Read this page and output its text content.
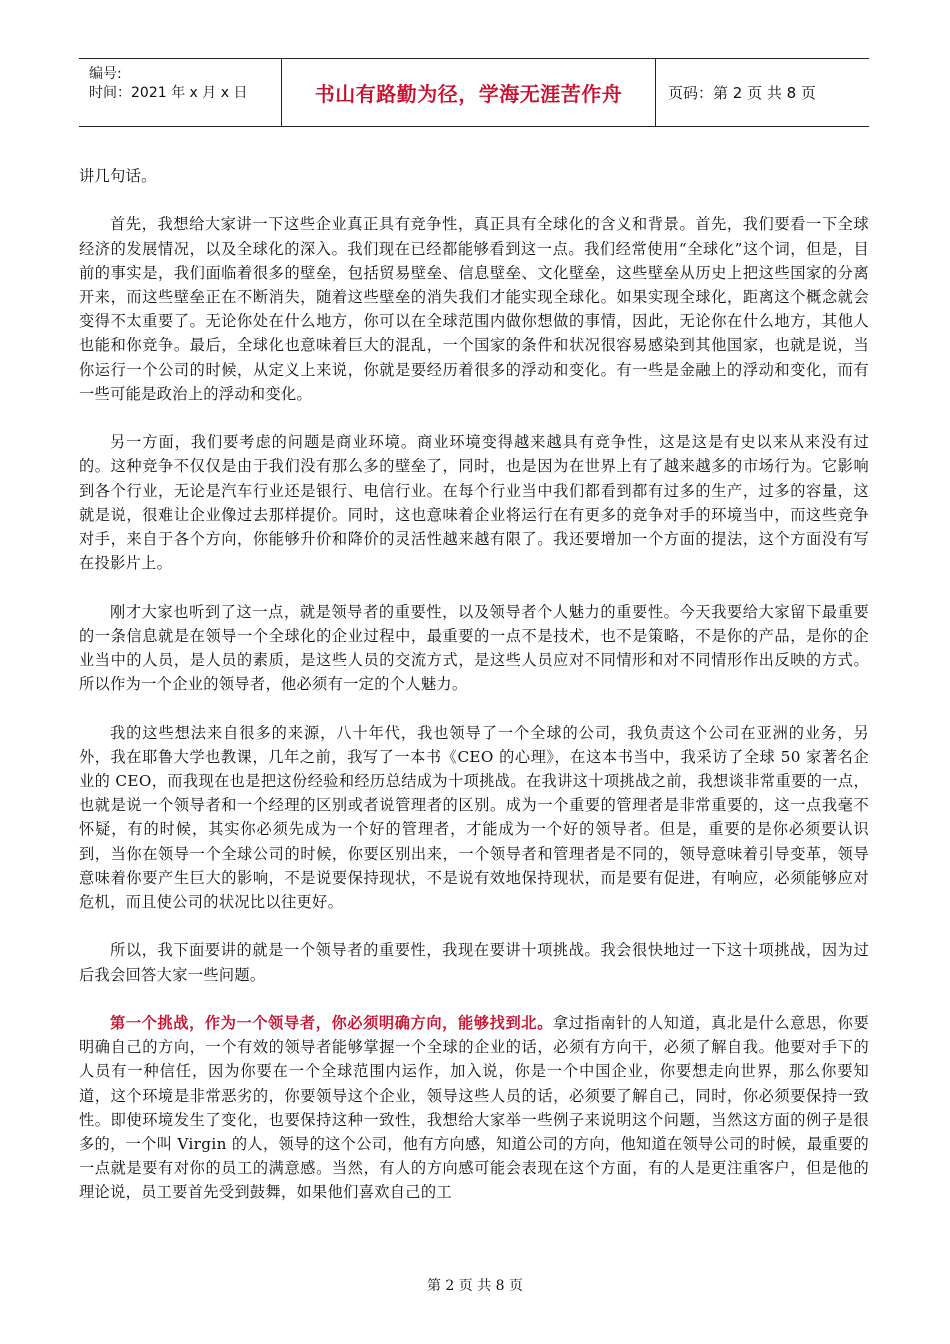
编号:
时间：2021 年 x 月 x 日	书山有路勤为径，学海无涯苦作舟	页码：第 2 页 共 8 页

讲几句话。

首先，我想给大家讲一下这些企业真正具有竞争性，真正具有全球化的含义和背景。首先，我们要看一下全球经济的发展情况，以及全球化的深入。我们现在已经都能够看到这一点。我们经常使用“全球化”这个词，但是，目前的事实是，我们面临着很多的壁垒，包括贸易壁垒、信息壁垒、文化壁垒，这些壁垒从历史上把这些国家的分离开来，而这些壁垒正在不断消失，随着这些壁垒的消失我们才能实现全球化。如果实现全球化，距离这个概念就会变得不太重要了。无论你处在什么地方，你可以在全球范围内做你想做的事情，因此，无论你在什么地方，其他人也能和你竞争。最后，全球化也意味着巨大的混乱，一个国家的条件和状况很容易感染到其他国家，也就是说，当你运行一个公司的时候，从定义上来说，你就是要经历着很多的浮动和变化。有一些是金融上的浮动和变化，而有一些可能是政治上的浮动和变化。

另一方面，我们要考虑的问题是商业环境。商业环境变得越来越具有竞争性，这是这是有史以来从来没有过的。这种竞争不仅仅是由于我们没有那么多的壁垒了，同时，也是因为在世界上有了越来越多的市场行为。它影响到各个行业，无论是汽车行业还是银行、电信行业。在每个行业当中我们都看到都有过多的生产，过多的容量，这就是说，很难让企业像过去那样提价。同时，这也意味着企业将运行在有更多的竞争对手的环境当中，而这些竞争对手，来自于各个方向，你能够升价和降价的灵活性越来越有限了。我还要增加一个方面的提法，这个方面没有写在投影片上。

刚才大家也听到了这一点，就是领导者的重要性，以及领导者个人魅力的重要性。今天我要给大家留下最重要的一条信息就是在领导一个全球化的企业过程中，最重要的一点不是技术，也不是策略，不是你的产品，是你的企业当中的人员，是人员的素质，是这些人员的交流方式，是这些人员应对不同情形和对不同情形作出反映的方式。所以作为一个企业的领导者，他必须有一定的个人魅力。

我的这些想法来自很多的来源，八十年代，我也领导了一个全球的公司，我负责这个公司在亚洲的业务，另外，我在耶鲁大学也教课，几年之前，我写了一本书《CEO 的心理》，在这本书当中，我采访了全球 50 家著名企业的 CEO，而我现在也是把这份经验和经历总结成为十项挑战。在我讲这十项挑战之前，我想谈非常重要的一点，也就是说一个领导者和一个经理的区别或者说管理者的区别。成为一个重要的管理者是非常重要的，这一点我毫不怀疑，有的时候，其实你必须先成为一个好的管理者，才能成为一个好的领导者。但是，重要的是你必须要认识到，当你在领导一个全球公司的时候，你要区别出来，一个领导者和管理者是不同的，领导意味着引导变革，领导意味着你要产生巨大的影响，不是说要保持现状，不是说有效地保持现状，而是要有促进，有响应，必须能够应对危机，而且使公司的状况比以往更好。

所以，我下面要讲的就是一个领导者的重要性，我现在要讲十项挑战。我会很快地过一下这十项挑战，因为过后我会回答大家一些问题。

第一个挑战，作为一个领导者，你必须明确方向，能够找到北。拿过指南针的人知道，真北是什么意思，你要明确自己的方向，一个有效的领导者能够掌握一个全球的企业的话，必须有方向干，必须了解自我。他要对手下的人员有一种信任，因为你要在一个全球范围内运作，加入说，你是一个中国企业，你要想走向世界，那么你要知道，这个环境是非常恶劣的，你要领导这个企业，领导这些人员的话，必须要了解自己，同时，你必须要保持一致性。即使环境发生了变化，也要保持这种一致性，我想给大家举一些例子来说明这个问题，当然这方面的例子是很多的，一个叫 Virgin 的人，领导的这个公司，他有方向感，知道公司的方向，他知道在领导公司的时候，最重要的一点就是要有对你的员工的满意感。当然，有人的方向感可能会表现在这个方面，有的人是更注重客户，但是他的理论说，员工要首先受到鼓舞，如果他们喜欢自己的工

第 2 页 共 8 页
